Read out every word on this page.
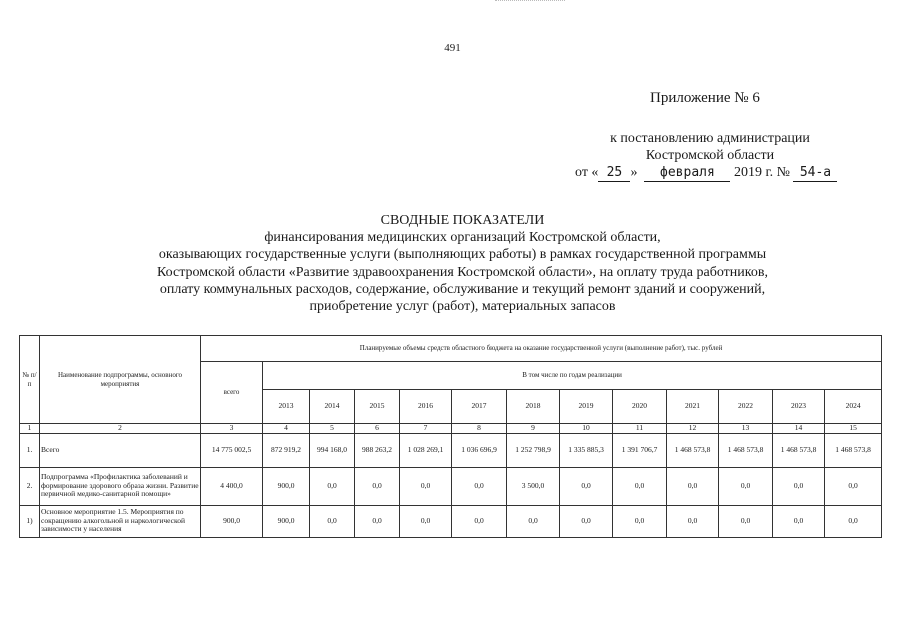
491
Приложение № 6
к постановлению администрации
Костромской области
от « 25 » февраля 2019 г. № 54-а
СВОДНЫЕ ПОКАЗАТЕЛИ
финансирования медицинских организаций Костромской области,
оказывающих государственные услуги (выполняющих работы) в рамках государственной программы
Костромской области «Развитие здравоохранения Костромской области», на оплату труда работников,
оплату коммунальных расходов, содержание, обслуживание и текущий ремонт зданий и сооружений,
приобретение услуг (работ), материальных запасов
№ п/п	Наименование подпрограммы, основного мероприятия	Планируемые объемы средств областного бюджета на оказание государственной услуги (выполнение работ), тыс. рублей												
		всего	В том числе по годам реализации											
			2013	2014	2015	2016	2017	2018	2019	2020	2021	2022	2023	2024
1	2	3	4	5	6	7	8	9	10	11	12	13	14	15
1.	Всего	14 775 002,5	872 919,2	994 168,0	988 263,2	1 028 269,1	1 036 696,9	1 252 798,9	1 335 885,3	1 391 706,7	1 468 573,8	1 468 573,8	1 468 573,8	1 468 573,8
2.	Подпрограмма «Профилактика заболеваний и формирование здорового образа жизни. Развитие первичной медико-санитарной помощи»	4 400,0	900,0	0,0	0,0	0,0	0,0	3 500,0	0,0	0,0	0,0	0,0	0,0	0,0
1)	Основное мероприятие 1.5. Мероприятия по сокращению алкогольной и наркологической зависимости у населения	900,0	900,0	0,0	0,0	0,0	0,0	0,0	0,0	0,0	0,0	0,0	0,0	0,0
